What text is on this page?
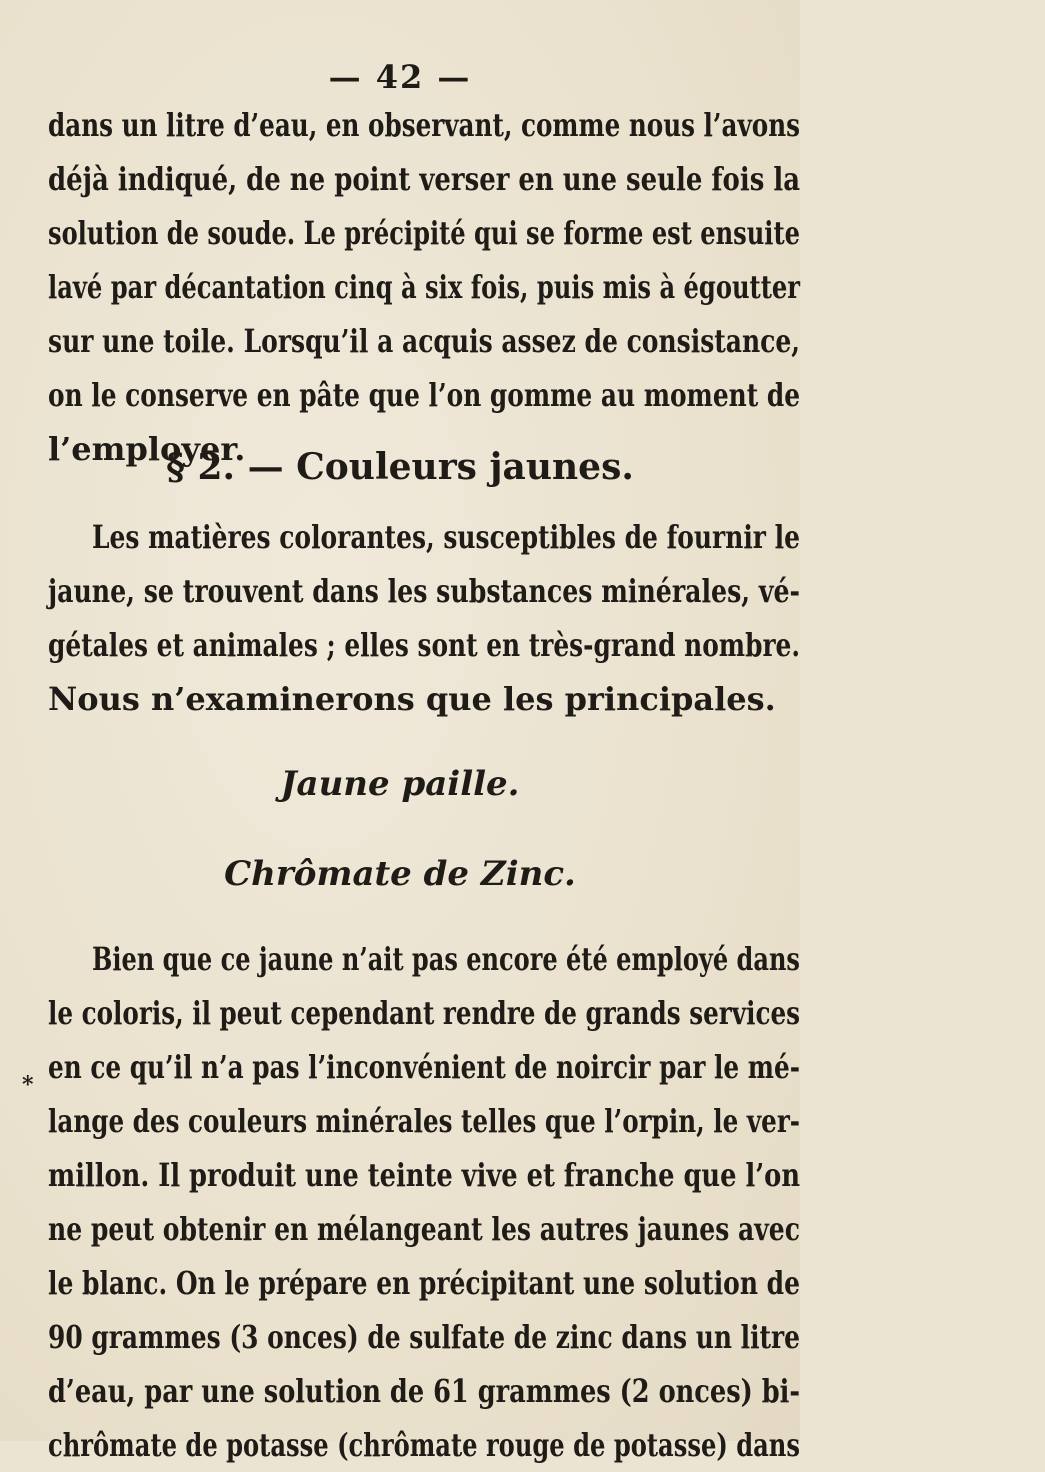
— 42 —
dans un litre d’eau, en observant, comme nous l’avons
déjà indiqué, de ne point verser en une seule fois la
solution de soude. Le précipité qui se forme est ensuite
lavé par décantation cinq à six fois, puis mis à égoutter
sur une toile. Lorsqu’il a acquis assez de consistance,
on le conserve en pâte que l’on gomme au moment de
l’employer.
§ 2. — Couleurs jaunes.
Les matières colorantes, susceptibles de fournir le
jaune, se trouvent dans les substances minérales, vé-
gétales et animales ; elles sont en très-grand nombre.
Nous n’examinerons que les principales.
Jaune paille.
Chrômate de Zinc.
Bien que ce jaune n’ait pas encore été employé dans
le coloris, il peut cependant rendre de grands services
en ce qu’il n’a pas l’inconvénient de noircir par le mé-
lange des couleurs minérales telles que l’orpin, le ver-
millon. Il produit une teinte vive et franche que l’on
ne peut obtenir en mélangeant les autres jaunes avec
le blanc. On le prépare en précipitant une solution de
90 grammes (3 onces) de sulfate de zinc dans un litre
d’eau, par une solution de 61 grammes (2 onces) bi-
chrômate de potasse (chrômate rouge de potasse) dans
*
